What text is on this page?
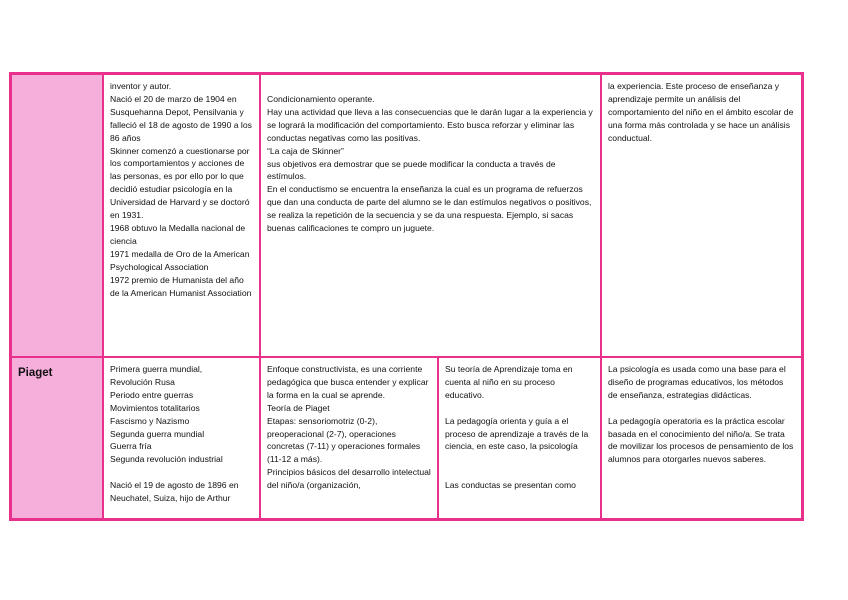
inventor y autor.

Nació el 20 de marzo de 1904 en Susquehanna Depot, Pensilvania y falleció el 18 de agosto de 1990 a los 86 años

Skinner comenzó a cuestionarse por los comportamientos y acciones de las personas, es por ello por lo que decidió estudiar psicología en la Universidad de Harvard y se doctoró en 1931.

1968 obtuvo la Medalla nacional de ciencia

1971 medalla de Oro de la American Psychological Association

1972 premio de Humanista del año de la American Humanist Association

Condicionamiento operante.

Hay una actividad que lleva a las consecuencias que le darán lugar a la experiencia y se logrará la modificación del comportamiento. Esto busca reforzar y eliminar las conductas negativas como las positivas.

“La caja de Skinner”

sus objetivos era demostrar que se puede modificar la conducta a través de estímulos.

En el conductismo se encuentra la enseñanza la cual es un programa de refuerzos que dan una conducta de parte del alumno se le dan estímulos negativos o positivos, se realiza la repetición de la secuencia y se da una respuesta. Ejemplo, si sacas buenas calificaciones te compro un juguete.

la experiencia. Este proceso de enseñanza y aprendizaje permite un análisis del comportamiento del niño en el ámbito escolar de una forma más controlada y se hace un análisis conductual.

Piaget	Primera guerra mundial,

Revolución Rusa

Periodo entre guerras

Movimientos totalitarios

Fascismo y Nazismo

Segunda guerra mundial

Guerra fría

Segunda revolución industrial

Nació el 19 de agosto de 1896 en Neuchatel, Suiza, hijo de Arthur

Enfoque constructivista, es una corriente pedagógica que busca entender y explicar la forma en la cual se aprende.

Teoría de Piaget

Etapas: sensoriomotriz (0-2), preoperacional (2-7), operaciones concretas (7-11) y operaciones formales (11-12 a más).

Principios básicos del desarrollo intelectual del niño/a (organización,

Su teoría de Aprendizaje toma en cuenta al niño en su proceso educativo.

La pedagogía orienta y guía a el proceso de aprendizaje a través de la ciencia, en este caso, la psicología

Las conductas se presentan como

La psicología es usada como una base para el diseño de programas educativos, los métodos de enseñanza, estrategias didácticas.

La pedagogía operatoria es la práctica escolar basada en el conocimiento del niño/a. Se trata de movilizar los procesos de pensamiento de los alumnos para otorgarles nuevos saberes.
